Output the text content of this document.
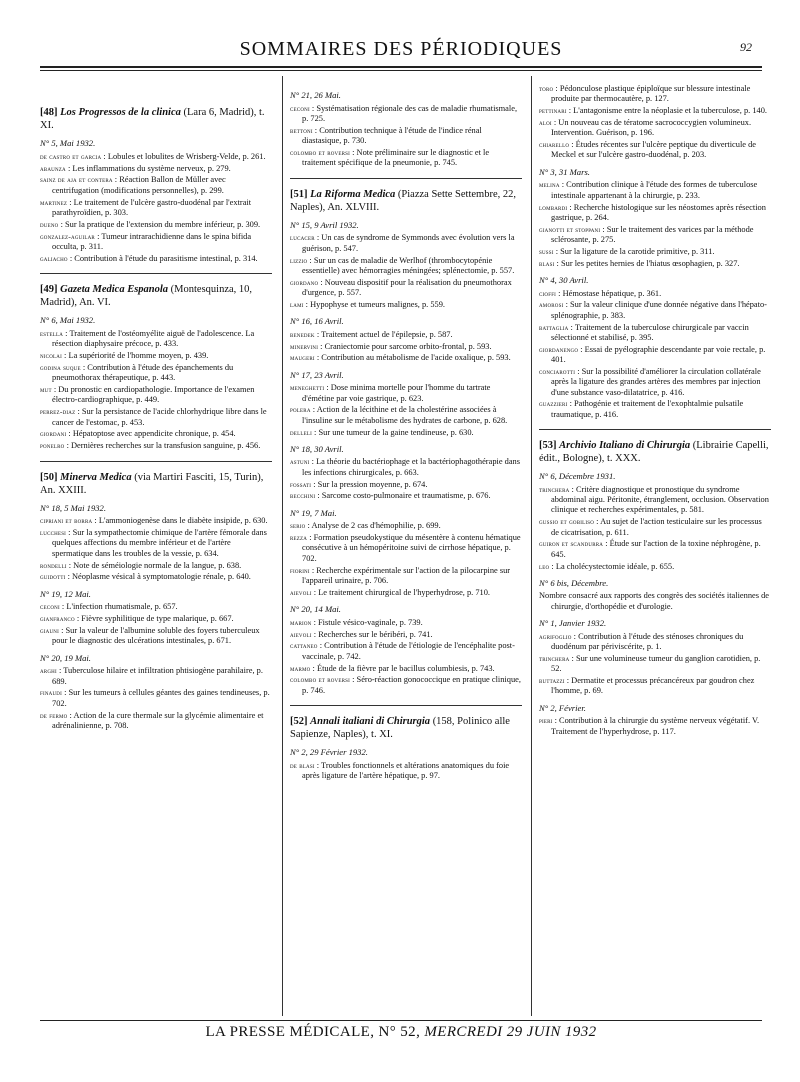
SOMMAIRES DES PÉRIODIQUES	92
[48] Los Progressos de la clinica (Lara 6, Madrid), t. XI.
N° 5, Mai 1932.
de castro et garcia : Lobules et lobulites de Wrisberg-Velde, p. 261.
abaunza : Les inflammations du système nerveux, p. 279.
sainz de aja et contera : Réaction Ballon de Müller avec centrifugation (modifications personnelles), p. 299.
martinez : Le traitement de l'ulcère gastro-duodénal par l'extrait parathyroïdien, p. 303.
dueno : Sur la pratique de l'extension du membre inférieur, p. 309.
gonzalez-aguilar : Tumeur intrarachidienne dans le spina bifida occulta, p. 311.
galiacho : Contribution à l'étude du parasitisme intestinal, p. 314.
[49] Gazeta Medica Espanola (Montesquinza, 10, Madrid), An. VI.
N° 6, Mai 1932.
estella : Traitement de l'ostéomyélite aiguë de l'adolescence. La résection diaphysaire précoce, p. 433.
nicolai : La supériorité de l'homme moyen, p. 439.
godina suque : Contribution à l'étude des épanchements du pneumothorax thérapeutique, p. 443.
mut : Du pronostic en cardiopathologie. Importance de l'examen électro-cardiographique, p. 449.
perrez-diaz : Sur la persistance de l'acide chlorhydrique libre dans le cancer de l'estomac, p. 453.
giordani : Hépatoptose avec appendicite chronique, p. 454.
ponelro : Dernières recherches sur la transfusion sanguine, p. 456.
[50] Minerva Medica (via Martiri Fasciti, 15, Turin), An. XXIII.
N° 18, 5 Mai 1932.
cipriani et borra : L'ammoniogenèse dans le diabète insipide, p. 630.
lucchesi : Sur la sympathectomie chimique de l'artère fémorale dans quelques affections du membre inférieur et de l'artère spermatique dans les troubles de la vessie, p. 634.
rondelli : Note de séméiologie normale de la langue, p. 638.
guidotti : Néoplasme vésical à symptomatologie rénale, p. 640.
N° 19, 12 Mai.
ceconi : L'infection rhumatismale, p. 657.
gianfranco : Fièvre syphilitique de type malarique, p. 667.
giauni : Sur la valeur de l'albumine soluble des foyers tuberculeux pour le diagnostic des ulcérations intestinales, p. 671.
N° 20, 19 Mai.
arghi : Tuberculose hilaire et infiltration phtisiogène parahilaire, p. 689.
finaudi : Sur les tumeurs à cellules géantes des gaines tendineuses, p. 702.
de fermo : Action de la cure thermale sur la glycémie alimentaire et adrénalinienne, p. 708.
N° 21, 26 Mai.
ceconi : Systématisation régionale des cas de maladie rhumatismale, p. 725.
bettoni : Contribution technique à l'étude de l'indice rénal diastasique, p. 730.
colombo et roversi : Note préliminaire sur le diagnostic et le traitement spécifique de la pneumonie, p. 745.
[51] La Riforma Medica (Piazza Sette Settembre, 22, Naples), An. XLVIII.
N° 15, 9 Avril 1932.
lucacer : Un cas de syndrome de Symmonds avec évolution vers la guérison, p. 547.
lizzio : Sur un cas de maladie de Werlhof (thrombocytopénie essentielle) avec hémorragies méningées; splénectomie, p. 557.
giordano : Nouveau dispositif pour la réalisation du pneumothorax d'urgence, p. 557.
lami : Hypophyse et tumeurs malignes, p. 559.
N° 16, 16 Avril.
benedek : Traitement actuel de l'épilepsie, p. 587.
minervini : Craniectomie pour sarcome orbito-frontal, p. 593.
maugeri : Contribution au métabolisme de l'acide oxalique, p. 593.
N° 17, 23 Avril.
meneghetti : Dose minima mortelle pour l'homme du tartrate d'émétine par voie gastrique, p. 623.
polera : Action de la lécithine et de la cholestérine associées à l'insuline sur le métabolisme des hydrates de carbone, p. 628.
delleli : Sur une tumeur de la gaine tendineuse, p. 630.
N° 18, 30 Avril.
astuni : La théorie du bactériophage et la bactériophagothérapie dans les infections chirurgicales, p. 663.
fossati : Sur la pression moyenne, p. 674.
becchini : Sarcome costo-pulmonaire et traumatisme, p. 676.
N° 19, 7 Mai.
serio : Analyse de 2 cas d'hémophilie, p. 699.
rezza : Formation pseudokystique du mésentère à contenu hématique consécutive à un hémopéritoine suivi de cirrhose hépatique, p. 702.
fiorini : Recherche expérimentale sur l'action de la pilocarpine sur l'appareil urinaire, p. 706.
aievoli : Le traitement chirurgical de l'hyperhydrose, p. 710.
N° 20, 14 Mai.
marion : Fistule vésico-vaginale, p. 739.
aievoli : Recherches sur le béribéri, p. 741.
cattaneo : Contribution à l'étude de l'étiologie de l'encéphalite post-vaccinale, p. 742.
marmo : Étude de la fièvre par le bacillus columbiesis, p. 743.
colombo et roversi : Séro-réaction gonococcique en pratique clinique, p. 746.
[52] Annali italiani di Chirurgia (158, Polinico alle Sapienze, Naples), t. XI.
N° 2, 29 Février 1932.
de blasi : Troubles fonctionnels et altérations anatomiques du foie après ligature de l'artère hépatique, p. 97.
toro : Pédonculose plastique épiploïque sur blessure intestinale produite par thermocautère, p. 127.
pettinari : L'antagonisme entre la néoplasie et la tuberculose, p. 140.
aloi : Un nouveau cas de tératome sacrococcygien volumineux. Intervention. Guérison, p. 196.
chiarello : Études récentes sur l'ulcère peptique du diverticule de Meckel et sur l'ulcère gastro-duodénal, p. 203.
N° 3, 31 Mars.
melina : Contribution clinique à l'étude des formes de tuberculose intestinale appartenant à la chirurgie, p. 233.
lombardi : Recherche histologique sur les néostomes après résection gastrique, p. 264.
gianotti et stoppani : Sur le traitement des varices par la méthode sclérosante, p. 275.
sussi : Sur la ligature de la carotide primitive, p. 311.
blasi : Sur les petites hernies de l'hiatus œsophagien, p. 327.
N° 4, 30 Avril.
cioffi : Hémostase hépatique, p. 361.
amorosi : Sur la valeur clinique d'une donnée négative dans l'hépato-splénographie, p. 383.
battaglia : Traitement de la tuberculose chirurgicale par vaccin sélectionné et stabilisé, p. 395.
giordanengo : Essai de pyélographie descendante par voie rectale, p. 401.
conciarotti : Sur la possibilité d'améliorer la circulation collatérale après la ligature des grandes artères des membres par injection d'une substance vaso-dilatatrice, p. 416.
guazzieri : Pathogénie et traitement de l'exophtalmie pulsatile traumatique, p. 416.
[53] Archivio Italiano di Chirurgia (Librairie Capelli, édit., Bologne), t. XXX.
N° 6, Décembre 1931.
trinchera : Critère diagnostique et pronostique du syndrome abdominal aigu. Péritonite, étranglement, occlusion. Observation clinique et recherches expérimentales, p. 581.
gussio et gobiliso : Au sujet de l'action testiculaire sur les processus de cicatrisation, p. 611.
guiron et scandurra : Étude sur l'action de la toxine néphrogène, p. 645.
leo : La cholécystectomie idéale, p. 655.
N° 6 bis, Décembre.
Nombre consacré aux rapports des congrès des sociétés italiennes de chirurgie, d'orthopédie et d'urologie.
N° 1, Janvier 1932.
agrifoglio : Contribution à l'étude des sténoses chroniques du duodénum par périviscérite, p. 1.
trinchera : Sur une volumineuse tumeur du ganglion carotidien, p. 52.
buttazzi : Dermatite et processus précancéreux par goudron chez l'homme, p. 69.
N° 2, Février.
pieri : Contribution à la chirurgie du système nerveux végétatif. V. Traitement de l'hyperhydrose, p. 117.
LA PRESSE MÉDICALE, N° 52, MERCREDI 29 JUIN 1932
